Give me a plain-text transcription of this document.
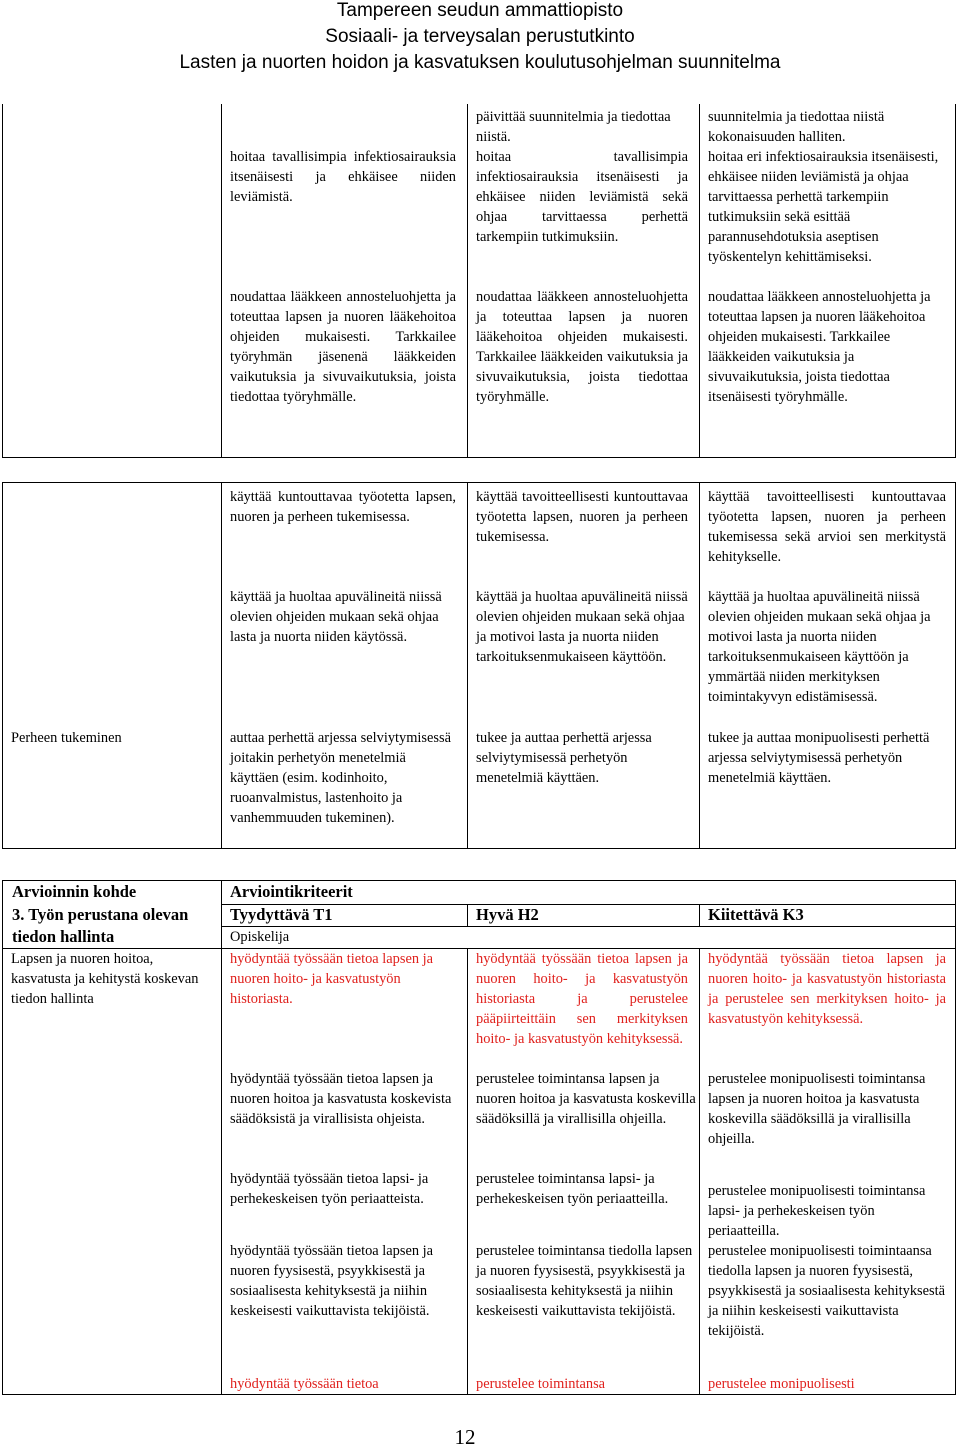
Tampereen seudun ammattiopisto
Sosiaali- ja terveysalan perustutkinto
Lasten ja nuorten hoidon ja kasvatuksen koulutusohjelman suunnitelma
hoitaa tavallisimpia infektiosairauksia itsenäisesti ja ehkäisee niiden leviämistä.
noudattaa lääkkeen annosteluohjetta ja toteuttaa lapsen ja nuoren lääkehoitoa ohjeiden mukaisesti. Tarkkailee työryhmän jäsenenä lääkkeiden vaikutuksia ja sivuvaikutuksia, joista tiedottaa työryhmälle.
päivittää suunnitelmia ja tiedottaa niistä.
hoitaa tavallisimpia infektiosairauksia itsenäisesti ja ehkäisee niiden leviämistä sekä ohjaa tarvittaessa perhettä tarkempiin tutkimuksiin.
noudattaa lääkkeen annosteluohjetta ja toteuttaa lapsen ja nuoren lääkehoitoa ohjeiden mukaisesti. Tarkkailee lääkkeiden vaikutuksia ja sivuvaikutuksia, joista tiedottaa työryhmälle.
suunnitelmia ja tiedottaa niistä kokonaisuuden halliten.
hoitaa eri infektiosairauksia itsenäisesti, ehkäisee niiden leviämistä ja ohjaa tarvittaessa perhettä tarkempiin tutkimuksiin sekä esittää parannusehdotuksia aseptisen työskentelyn kehittämiseksi.
noudattaa lääkkeen annosteluohjetta ja toteuttaa lapsen ja nuoren lääkehoitoa ohjeiden mukaisesti. Tarkkailee lääkkeiden vaikutuksia ja sivuvaikutuksia, joista tiedottaa itsenäisesti työryhmälle.
Perheen tukeminen
käyttää kuntouttavaa työotetta lapsen, nuoren ja perheen tukemisessa.
käyttää ja huoltaa apuvälineitä niissä olevien ohjeiden mukaan sekä ohjaa lasta ja nuorta niiden käytössä.
auttaa perhettä arjessa selviytymisessä joitakin perhetyön menetelmiä käyttäen (esim. kodinhoito, ruoanvalmistus, lastenhoito ja vanhemmuuden tukeminen).
käyttää tavoitteellisesti kuntouttavaa työotetta lapsen, nuoren ja perheen tukemisessa.
käyttää ja huoltaa apuvälineitä niissä olevien ohjeiden mukaan sekä ohjaa ja motivoi lasta ja nuorta niiden tarkoituksenmukaiseen käyttöön.
tukee ja auttaa perhettä arjessa selviytymisessä perhetyön menetelmiä käyttäen.
käyttää tavoitteellisesti kuntouttavaa työotetta lapsen, nuoren ja perheen tukemisessa sekä arvioi sen merkitystä kehitykselle.
käyttää ja huoltaa apuvälineitä niissä olevien ohjeiden mukaan sekä ohjaa ja motivoi lasta ja nuorta niiden tarkoituksenmukaiseen käyttöön ja ymmärtää niiden merkityksen toimintakyvyn edistämisessä.
tukee ja auttaa monipuolisesti perhettä arjessa selviytymisessä perhetyön menetelmiä käyttäen.
Arvioinnin kohde
3. Työn perustana olevan tiedon hallinta
Arviointikriteerit
Tyydyttävä T1	Hyvä H2	Kiitettävä K3
Opiskelija
Lapsen ja nuoren hoitoa, kasvatusta ja kehitystä koskevan tiedon hallinta
hyödyntää työssään tietoa lapsen ja nuoren hoito- ja kasvatustyön historiasta.
hyödyntää työssään tietoa lapsen ja nuoren hoitoa ja kasvatusta koskevista säädöksistä ja virallisista ohjeista.
hyödyntää työssään tietoa lapsi- ja perhekeskeisen työn periaatteista.
hyödyntää työssään tietoa lapsen ja nuoren fyysisestä, psyykkisestä ja sosiaalisesta kehityksestä ja niihin keskeisesti vaikuttavista tekijöistä.
hyödyntää työssään tietoa
hyödyntää työssään tietoa lapsen ja nuoren hoito- ja kasvatustyön historiasta ja perustelee pääpiirteittäin sen merkityksen hoito- ja kasvatustyön kehityksessä.
perustelee toimintansa lapsen ja nuoren hoitoa ja kasvatusta koskevilla säädöksillä ja virallisilla ohjeilla.
perustelee toimintansa lapsi- ja perhekeskeisen työn periaatteilla.
perustelee toimintansa tiedolla lapsen ja nuoren fyysisestä, psyykkisestä ja sosiaalisesta kehityksestä ja niihin keskeisesti vaikuttavista tekijöistä.
perustelee toimintansa
hyödyntää työssään tietoa lapsen ja nuoren hoito- ja kasvatustyön historiasta ja perustelee sen merkityksen hoito- ja kasvatustyön kehityksessä.
perustelee monipuolisesti toimintansa lapsen ja nuoren hoitoa ja kasvatusta koskevilla säädöksillä ja virallisilla ohjeilla.
perustelee monipuolisesti toimintansa lapsi- ja perhekeskeisen työn periaatteilla.
perustelee monipuolisesti toimintaansa tiedolla lapsen ja nuoren fyysisestä, psyykkisestä ja sosiaalisesta kehityksestä ja niihin keskeisesti vaikuttavista tekijöistä.
perustelee monipuolisesti
12
